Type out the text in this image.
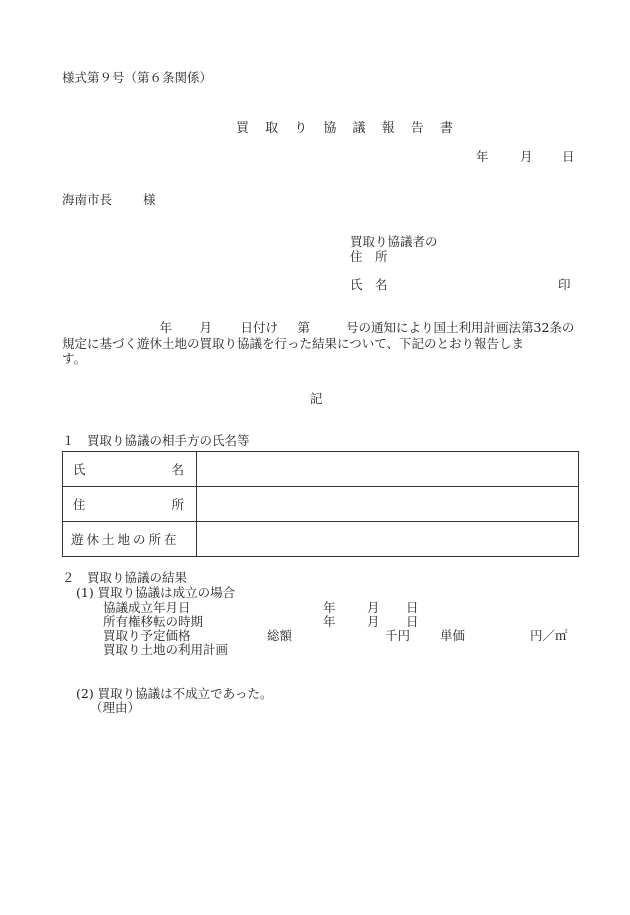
様式第９号（第６条関係）
買 取 り 協 議 報 告 書
年	月 日
海南市長 様
買取り協議者の
住　所
氏　名	印
年 月 日付け 第	号の通知により国土利用計画法第32条の
規定に基づく遊休土地の買取り協議を行った結果について、下記のとおり報告しま
す。
記
１　買取り協議の相手方の氏名等
氏 名	

住 所	

遊休土地の所在	

２　買取り協議の結果
(1) 買取り協議は成立の場合
協議成立年月日	年	月 日
所有権移転の時期	年	月 日
買取り予定価格	総額	千円 単価	円／㎡
買取り土地の利用計画
(2) 買取り協議は不成立であった。
（理由）
